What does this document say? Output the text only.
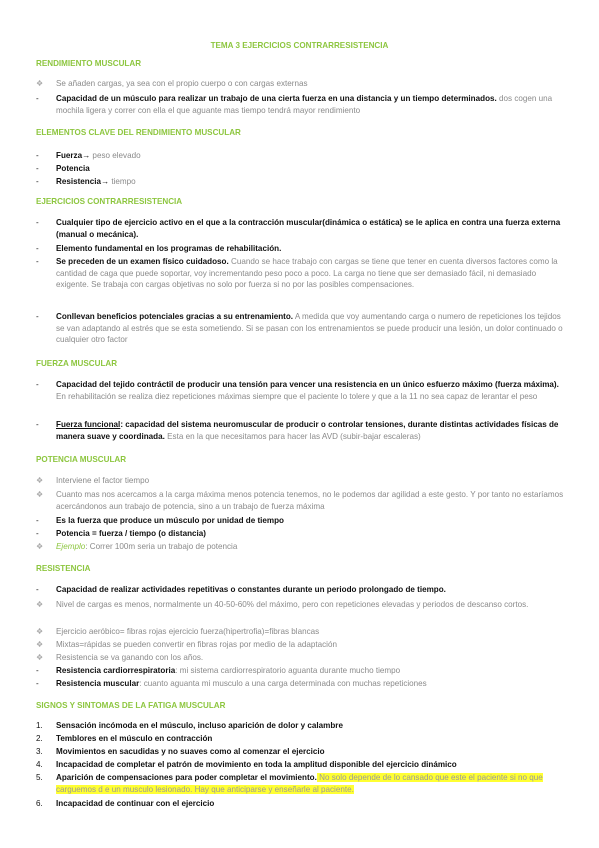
TEMA 3 EJERCICIOS CONTRARRESISTENCIA
RENDIMIENTO MUSCULAR
❖	Se añaden cargas, ya sea con el propio cuerpo o con cargas externas
-	Capacidad de un músculo para realizar un trabajo de una cierta fuerza en una distancia y un tiempo determinados. dos cogen una mochila ligera y correr con ella el que aguante mas tiempo tendrá mayor rendimiento
ELEMENTOS CLAVE DEL RENDIMIENTO MUSCULAR
-	Fuerza→ peso elevado
-	Potencia
-	Resistencia→ tiempo
EJERCICIOS CONTRARRESISTENCIA
-	Cualquier tipo de ejercicio activo en el que a la contracción muscular(dinámica o estática) se le aplica en contra una fuerza externa (manual o mecánica).
-	Elemento fundamental en los programas de rehabilitación.
-	Se preceden de un examen físico cuidadoso. Cuando se hace trabajo con cargas se tiene que tener en cuenta diversos factores como la cantidad de caga que puede soportar, voy incrementando peso poco a poco. La carga no tiene que ser demasiado fácil, ni demasiado exigente. Se trabaja con cargas objetivas no solo por fuerza si no por las posibles compensaciones.
-	Conllevan beneficios potenciales gracias a su entrenamiento. A medida que voy aumentando carga o numero de repeticiones los tejidos se van adaptando al estrés que se esta sometiendo. Si se pasan con los entrenamientos se puede producir una lesión, un dolor continuado o cualquier otro factor
FUERZA MUSCULAR
-	Capacidad del tejido contráctil de producir una tensión para vencer una resistencia en un único esfuerzo máximo (fuerza máxima). En rehabilitación se realiza diez repeticiones máximas siempre que el paciente lo tolere y que a la 11 no sea capaz de lerantar el peso
-	Fuerza funcional: capacidad del sistema neuromuscular de producir o controlar tensiones, durante distintas actividades físicas de manera suave y coordinada. Esta en la que necesitamos para hacer las AVD (subir-bajar escaleras)
POTENCIA MUSCULAR
❖	Interviene el factor tiempo
❖	Cuanto mas nos acercamos a la carga máxima menos potencia tenemos, no le podemos dar agilidad a este gesto. Y por tanto no estaríamos acercándonos aun trabajo de potencia, sino a un trabajo de fuerza máxima
-	Es la fuerza que produce un músculo por unidad de tiempo
-	Potencia = fuerza / tiempo (o distancia)
❖	Ejemplo: Correr 100m seria un trabajo de potencia
RESISTENCIA
-	Capacidad de realizar actividades repetitivas o constantes durante un periodo prolongado de tiempo.
❖	Nivel de cargas es menos, normalmente un 40-50-60% del máximo, pero con repeticiones elevadas y periodos de descanso cortos.
❖	Ejercicio aeróbico= fibras rojas ejercicio fuerza(hipertrofia)=fibras blancas
❖	Mixtas=rápidas se pueden convertir en fibras rojas por medio de la adaptación
❖	Resistencia se va ganando con los años.
-	Resistencia cardiorrespiratoria: mi sistema cardiorrespiratorio aguanta durante mucho tiempo
-	Resistencia muscular: cuanto aguanta mi musculo a una carga determinada con muchas repeticiones
SIGNOS Y SINTOMAS DE LA FATIGA MUSCULAR
1.	Sensación incómoda en el músculo, incluso aparición de dolor y calambre
2.	Temblores en el músculo en contracción
3.	Movimientos en sacudidas y no suaves como al comenzar el ejercicio
4.	Incapacidad de completar el patrón de movimiento en toda la amplitud disponible del ejercicio dinámico
5.	Aparición de compensaciones para poder completar el movimiento. No solo depende de lo cansado que este el paciente si no que carguemos d e un musculo lesionado. Hay que anticiparse y enseñarle al paciente.
6.	Incapacidad de continuar con el ejercicio
